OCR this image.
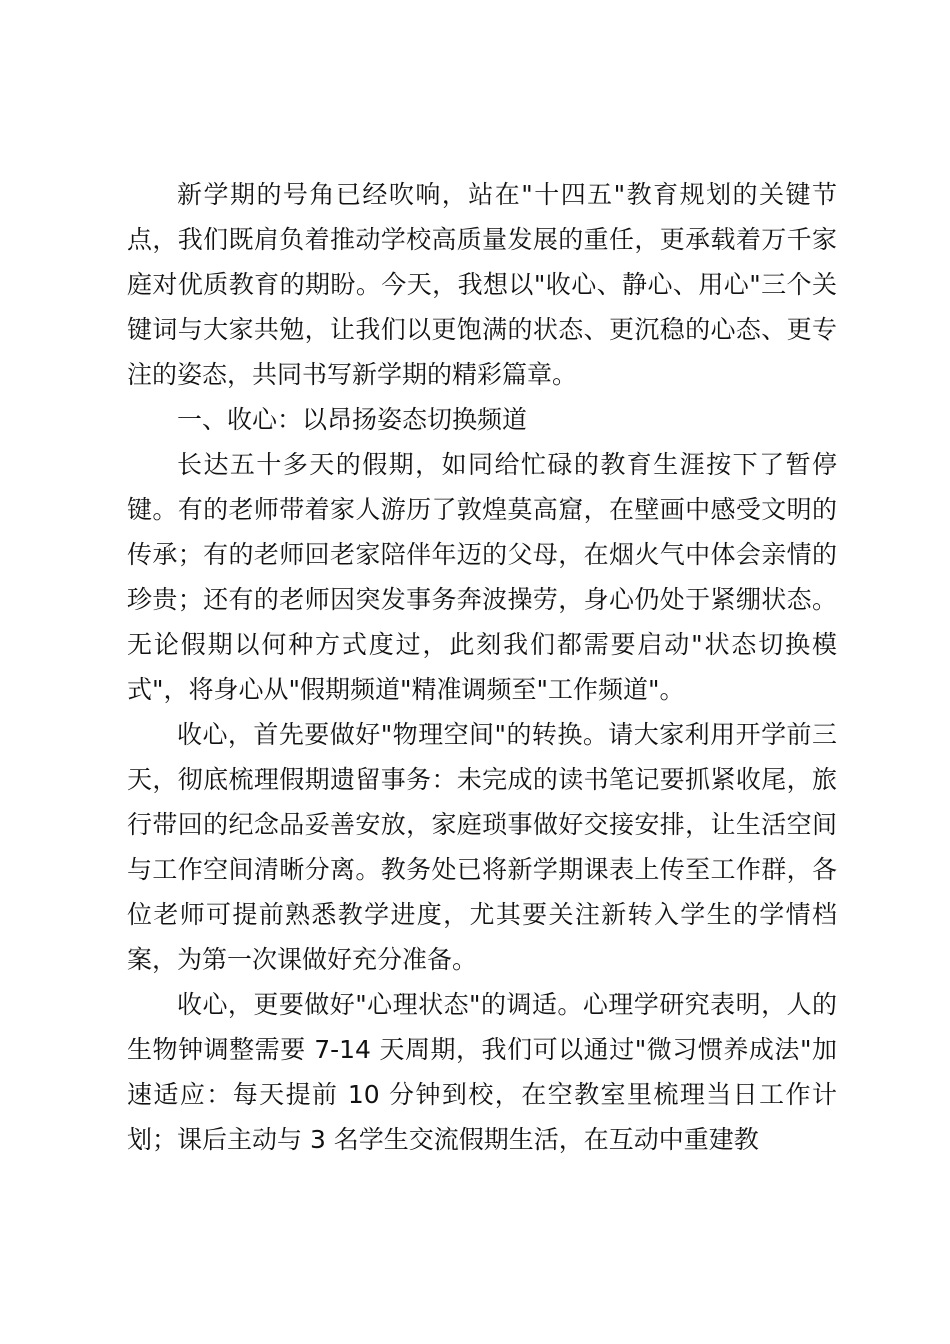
新学期的号角已经吹响，站在"十四五"教育规划的关键节点，我们既肩负着推动学校高质量发展的重任，更承载着万千家庭对优质教育的期盼。今天，我想以"收心、静心、用心"三个关键词与大家共勉，让我们以更饱满的状态、更沉稳的心态、更专注的姿态，共同书写新学期的精彩篇章。

一、收心：以昂扬姿态切换频道

长达五十多天的假期，如同给忙碌的教育生涯按下了暂停键。有的老师带着家人游历了敦煌莫高窟，在壁画中感受文明的传承；有的老师回老家陪伴年迈的父母，在烟火气中体会亲情的珍贵；还有的老师因突发事务奔波操劳，身心仍处于紧绷状态。无论假期以何种方式度过，此刻我们都需要启动"状态切换模式"，将身心从"假期频道"精准调频至"工作频道"。

收心，首先要做好"物理空间"的转换。请大家利用开学前三天，彻底梳理假期遗留事务：未完成的读书笔记要抓紧收尾，旅行带回的纪念品妥善安放，家庭琐事做好交接安排，让生活空间与工作空间清晰分离。教务处已将新学期课表上传至工作群，各位老师可提前熟悉教学进度，尤其要关注新转入学生的学情档案，为第一次课做好充分准备。

收心，更要做好"心理状态"的调适。心理学研究表明，人的生物钟调整需要 7-14 天周期，我们可以通过"微习惯养成法"加速适应：每天提前 10 分钟到校，在空教室里梳理当日工作计划；课后主动与 3 名学生交流假期生活，在互动中重建教
